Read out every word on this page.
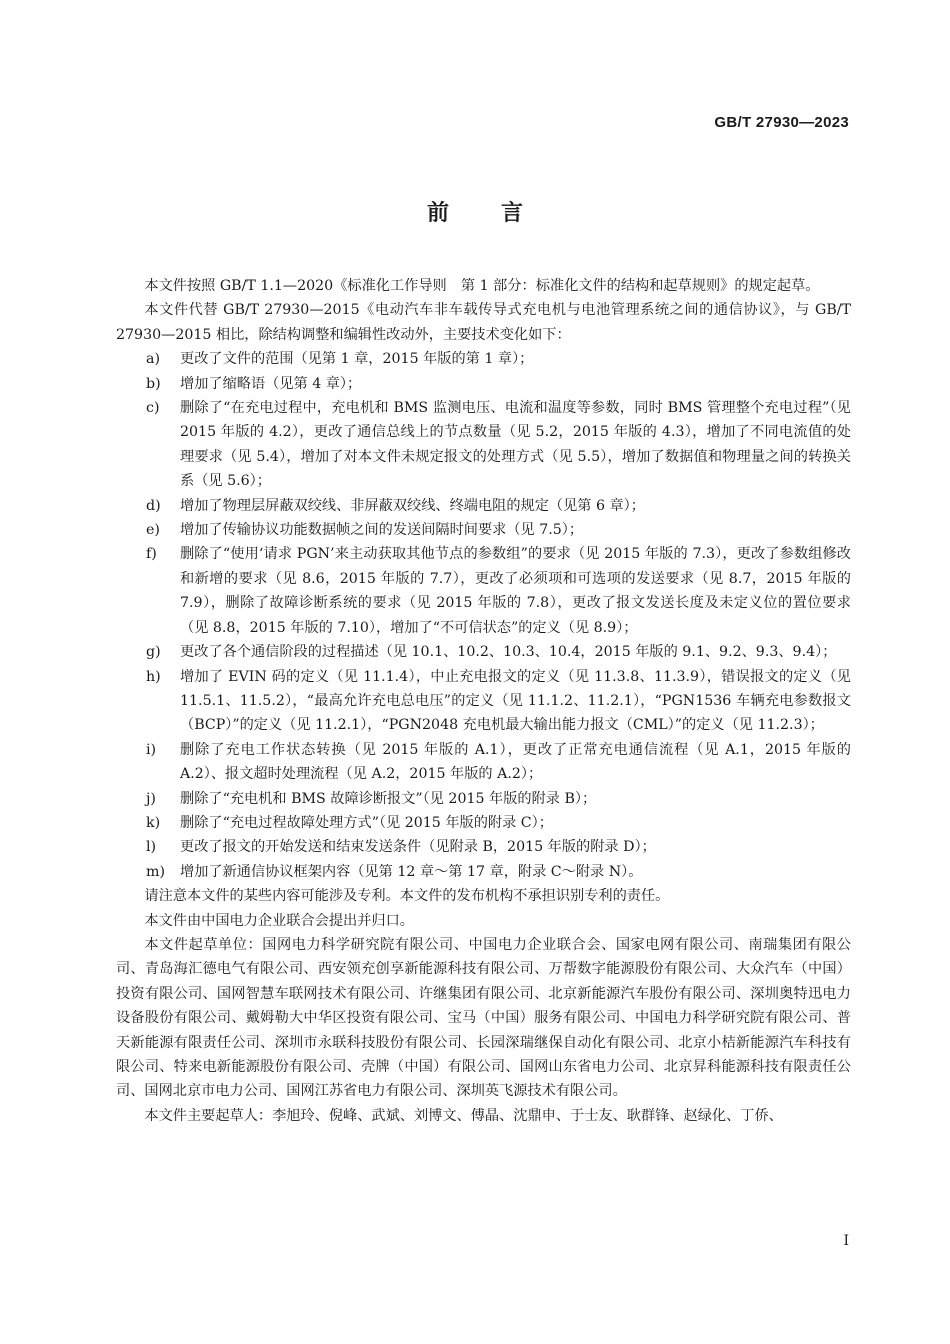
GB/T 27930—2023
前言

本文件按照 GB/T 1.1—2020《标准化工作导则　第 1 部分：标准化文件的结构和起草规则》的规定起草。

本文件代替 GB/T 27930—2015《电动汽车非车载传导式充电机与电池管理系统之间的通信协议》，与 GB/T 27930—2015 相比，除结构调整和编辑性改动外，主要技术变化如下：

a)	更改了文件的范围（见第 1 章，2015 年版的第 1 章）；
b)	增加了缩略语（见第 4 章）；
c)	删除了“在充电过程中，充电机和 BMS 监测电压、电流和温度等参数，同时 BMS 管理整个充电过程”（见 2015 年版的 4.2），更改了通信总线上的节点数量（见 5.2，2015 年版的 4.3），增加了不同电流值的处理要求（见 5.4），增加了对本文件未规定报文的处理方式（见 5.5），增加了数据值和物理量之间的转换关系（见 5.6）；
d)	增加了物理层屏蔽双绞线、非屏蔽双绞线、终端电阻的规定（见第 6 章）；
e)	增加了传输协议功能数据帧之间的发送间隔时间要求（见 7.5）；
f)	删除了“使用‘请求 PGN’来主动获取其他节点的参数组”的要求（见 2015 年版的 7.3），更改了参数组修改和新增的要求（见 8.6，2015 年版的 7.7），更改了必须项和可选项的发送要求（见 8.7，2015 年版的 7.9），删除了故障诊断系统的要求（见 2015 年版的 7.8），更改了报文发送长度及未定义位的置位要求（见 8.8，2015 年版的 7.10），增加了“不可信状态”的定义（见 8.9）；
g)	更改了各个通信阶段的过程描述（见 10.1、10.2、10.3、10.4，2015 年版的 9.1、9.2、9.3、9.4）；
h)	增加了 EVIN 码的定义（见 11.1.4），中止充电报文的定义（见 11.3.8、11.3.9），错误报文的定义（见 11.5.1、11.5.2），“最高允许充电总电压”的定义（见 11.1.2、11.2.1），“PGN1536 车辆充电参数报文（BCP）”的定义（见 11.2.1），“PGN2048 充电机最大输出能力报文（CML）”的定义（见 11.2.3）；
i)	删除了充电工作状态转换（见 2015 年版的 A.1），更改了正常充电通信流程（见 A.1，2015 年版的 A.2）、报文超时处理流程（见 A.2，2015 年版的 A.2）；
j)	删除了“充电机和 BMS 故障诊断报文”（见 2015 年版的附录 B）；
k)	删除了“充电过程故障处理方式”（见 2015 年版的附录 C）；
l)	更改了报文的开始发送和结束发送条件（见附录 B，2015 年版的附录 D）；
m)	增加了新通信协议框架内容（见第 12 章～第 17 章，附录 C～附录 N）。

请注意本文件的某些内容可能涉及专利。本文件的发布机构不承担识别专利的责任。

本文件由中国电力企业联合会提出并归口。

本文件起草单位：国网电力科学研究院有限公司、中国电力企业联合会、国家电网有限公司、南瑞集团有限公司、青岛海汇德电气有限公司、西安领充创享新能源科技有限公司、万帮数字能源股份有限公司、大众汽车（中国）投资有限公司、国网智慧车联网技术有限公司、许继集团有限公司、北京新能源汽车股份有限公司、深圳奥特迅电力设备股份有限公司、戴姆勒大中华区投资有限公司、宝马（中国）服务有限公司、中国电力科学研究院有限公司、普天新能源有限责任公司、深圳市永联科技股份有限公司、长园深瑞继保自动化有限公司、北京小桔新能源汽车科技有限公司、特来电新能源股份有限公司、壳牌（中国）有限公司、国网山东省电力公司、北京昇科能源科技有限责任公司、国网北京市电力公司、国网江苏省电力有限公司、深圳英飞源技术有限公司。

本文件主要起草人：李旭玲、倪峰、武斌、刘博文、傅晶、沈鼎申、于士友、耿群锋、赵绿化、丁侨、

I
